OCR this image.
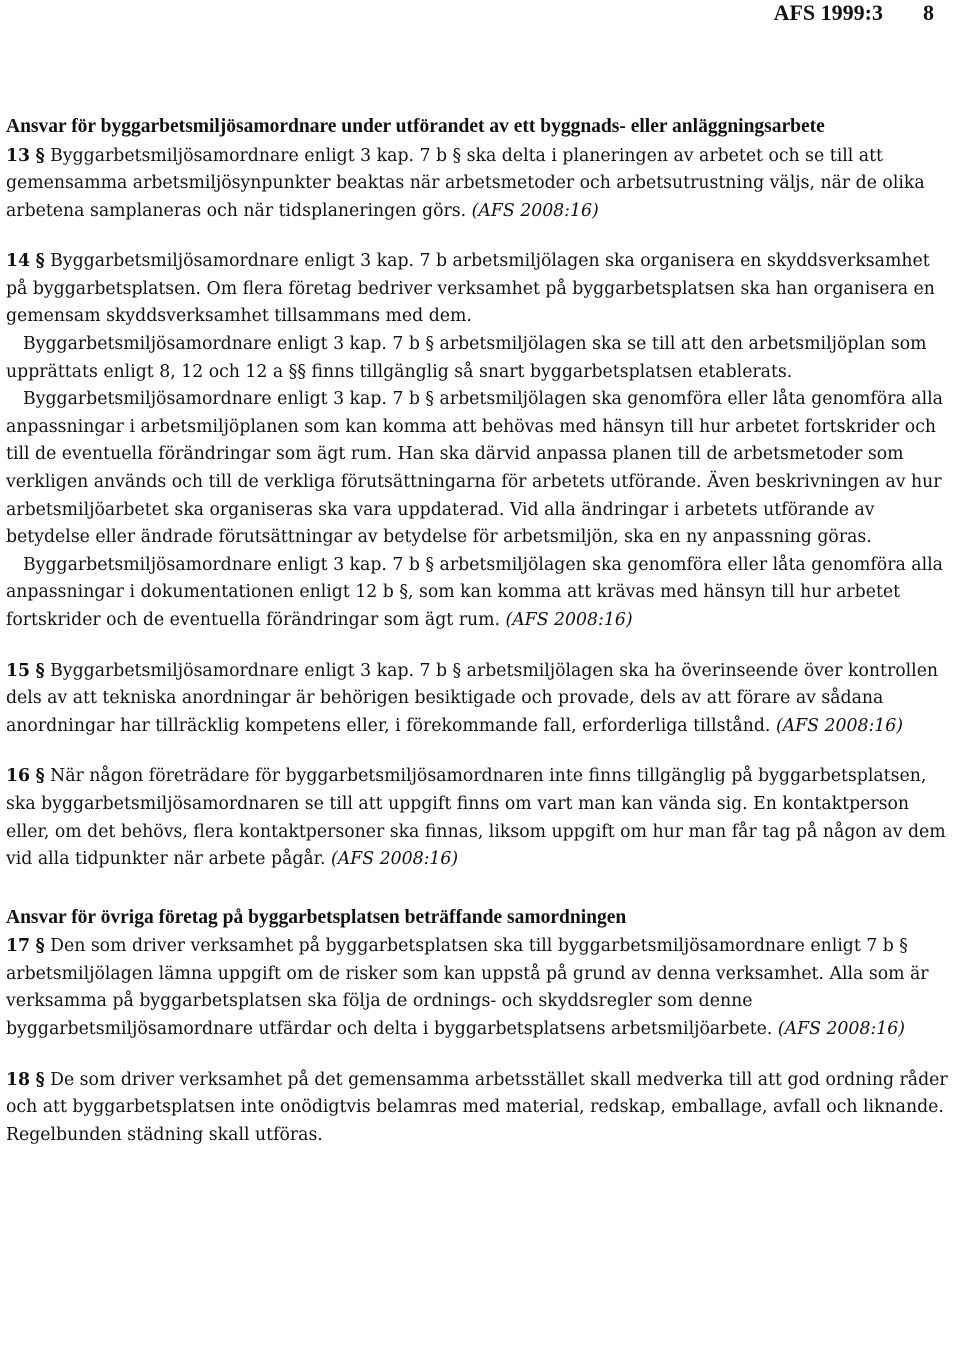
AFS 1999:3 8

Ansvar för byggarbetsmiljösamordnare under utförandet av ett byggnads- eller anläggningsarbete

13 § Byggarbetsmiljösamordnare enligt 3 kap. 7 b § ska delta i planeringen av arbetet och se till att gemensamma arbetsmiljösynpunkter beaktas när arbetsmetoder och arbetsutrustning väljs, när de olika arbetena samplaneras och när tidsplaneringen görs. (AFS 2008:16)

14 § Byggarbetsmiljösamordnare enligt 3 kap. 7 b arbetsmiljölagen ska organisera en skyddsverksamhet på byggarbetsplatsen. Om flera företag bedriver verksamhet på byggarbetsplatsen ska han organisera en gemensam skyddsverksamhet tillsammans med dem.

Byggarbetsmiljösamordnare enligt 3 kap. 7 b § arbetsmiljölagen ska se till att den arbetsmiljöplan som upprättats enligt 8, 12 och 12 a §§ finns tillgänglig så snart byggarbetsplatsen etablerats.

Byggarbetsmiljösamordnare enligt 3 kap. 7 b § arbetsmiljölagen ska genomföra eller låta genomföra alla anpassningar i arbetsmiljöplanen som kan komma att behövas med hänsyn till hur arbetet fortskrider och till de eventuella förändringar som ägt rum. Han ska därvid anpassa planen till de arbetsmetoder som verkligen används och till de verkliga förutsättningarna för arbetets utförande. Även beskrivningen av hur arbetsmiljöarbetet ska organiseras ska vara uppdaterad. Vid alla ändringar i arbetets utförande av betydelse eller ändrade förutsättningar av betydelse för arbetsmiljön, ska en ny anpassning göras.

Byggarbetsmiljösamordnare enligt 3 kap. 7 b § arbetsmiljölagen ska genomföra eller låta genomföra alla anpassningar i dokumentationen enligt 12 b §, som kan komma att krävas med hänsyn till hur arbetet fortskrider och de eventuella förändringar som ägt rum. (AFS 2008:16)

15 § Byggarbetsmiljösamordnare enligt 3 kap. 7 b § arbetsmiljölagen ska ha överinseende över kontrollen dels av att tekniska anordningar är behörigen besiktigade och provade, dels av att förare av sådana anordningar har tillräcklig kompetens eller, i förekommande fall, erforderliga tillstånd. (AFS 2008:16)

16 § När någon företrädare för byggarbetsmiljösamordnaren inte finns tillgänglig på byggarbetsplatsen, ska byggarbetsmiljösamordnaren se till att uppgift finns om vart man kan vända sig. En kontaktperson eller, om det behövs, flera kontaktpersoner ska finnas, liksom uppgift om hur man får tag på någon av dem vid alla tidpunkter när arbete pågår. (AFS 2008:16)

Ansvar för övriga företag på byggarbetsplatsen beträffande samordningen

17 § Den som driver verksamhet på byggarbetsplatsen ska till byggarbetsmiljösamordnare enligt 7 b § arbetsmiljölagen lämna uppgift om de risker som kan uppstå på grund av denna verksamhet. Alla som är verksamma på byggarbetsplatsen ska följa de ordnings- och skyddsregler som denne byggarbetsmiljösamordnare utfärdar och delta i byggarbetsplatsens arbetsmiljöarbete. (AFS 2008:16)

18 § De som driver verksamhet på det gemensamma arbetsstället skall medverka till att god ordning råder och att byggarbetsplatsen inte onödigtvis belamras med material, redskap, emballage, avfall och liknande. Regelbunden städning skall utföras.
